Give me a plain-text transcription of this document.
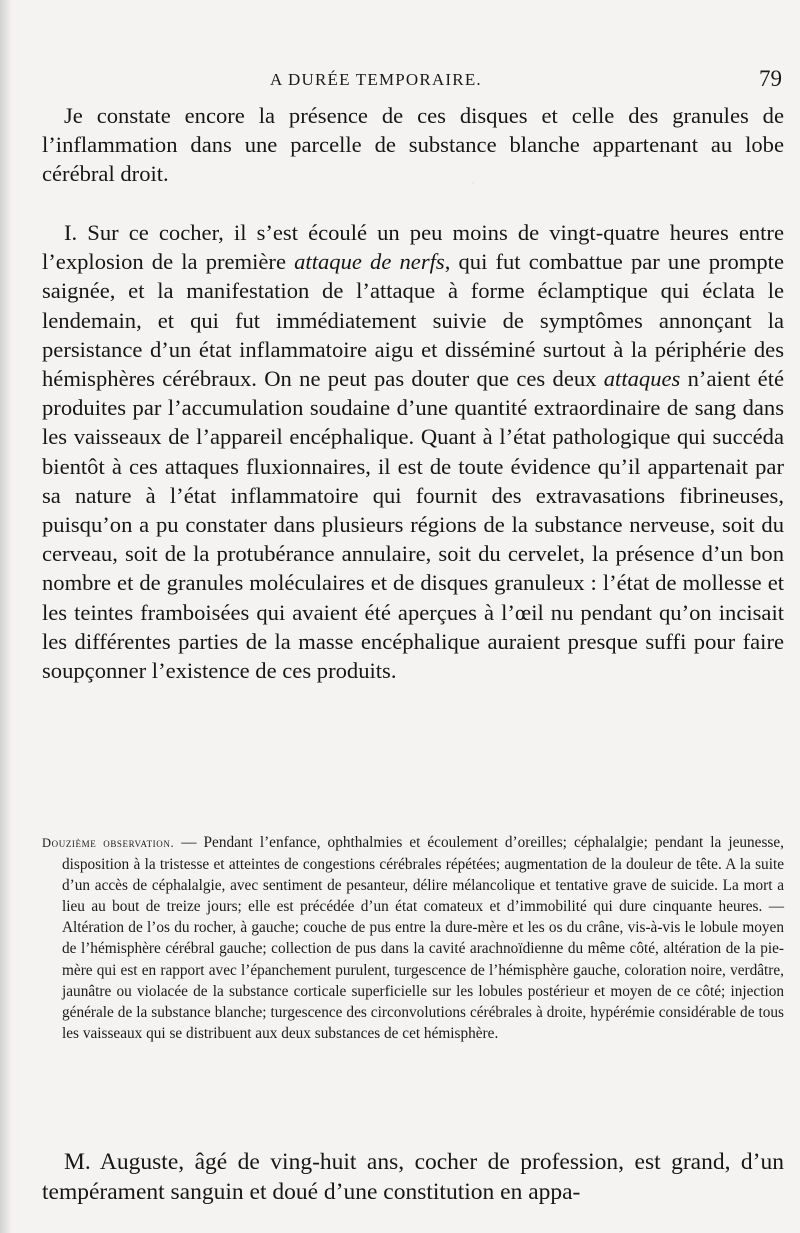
˙
A DURÉE TEMPORAIRE.	79

Je constate encore la présence de ces disques et celle des granules de l’inflammation dans une parcelle de substance blanche appartenant au lobe cérébral droit.

I. Sur ce cocher, il s’est écoulé un peu moins de vingt-quatre heures entre l’explosion de la première attaque de nerfs, qui fut combattue par une prompte saignée, et la manifestation de l’attaque à forme éclamptique qui éclata le lendemain, et qui fut immédiatement suivie de symptômes annonçant la persistance d’un état inflammatoire aigu et disséminé surtout à la périphérie des hémisphères cérébraux. On ne peut pas douter que ces deux attaques n’aient été produites par l’accumulation soudaine d’une quantité extraordinaire de sang dans les vaisseaux de l’appareil encéphalique. Quant à l’état pathologique qui succéda bientôt à ces attaques fluxionnaires, il est de toute évidence qu’il appartenait par sa nature à l’état inflammatoire qui fournit des extravasations fibrineuses, puisqu’on a pu constater dans plusieurs régions de la substance nerveuse, soit du cerveau, soit de la protubérance annulaire, soit du cervelet, la présence d’un bon nombre et de granules moléculaires et de disques granuleux : l’état de mollesse et les teintes framboisées qui avaient été aperçues à l’œil nu pendant qu’on incisait les différentes parties de la masse encéphalique auraient presque suffi pour faire soupçonner l’existence de ces produits.

Douzième observation. — Pendant l’enfance, ophthalmies et écoulement d’oreilles; céphalalgie; pendant la jeunesse, disposition à la tristesse et atteintes de congestions cérébrales répétées; augmentation de la douleur de tête. A la suite d’un accès de céphalalgie, avec sentiment de pesanteur, délire mélancolique et tentative grave de suicide. La mort a lieu au bout de treize jours; elle est précédée d’un état comateux et d’immobilité qui dure cinquante heures. — Altération de l’os du rocher, à gauche; couche de pus entre la dure-mère et les os du crâne, vis-à-vis le lobule moyen de l’hémisphère cérébral gauche; collection de pus dans la cavité arachnoïdienne du même côté, altération de la pie-mère qui est en rapport avec l’épanchement purulent, turgescence de l’hémisphère gauche, coloration noire, verdâtre, jaunâtre ou violacée de la substance corticale superficielle sur les lobules postérieur et moyen de ce côté; injection générale de la substance blanche; turgescence des circonvolutions cérébrales à droite, hypérémie considérable de tous les vaisseaux qui se distribuent aux deux substances de cet hémisphère.

M. Auguste, âgé de ving-huit ans, cocher de profession, est grand, d’un tempérament sanguin et doué d’une constitution en appa-
